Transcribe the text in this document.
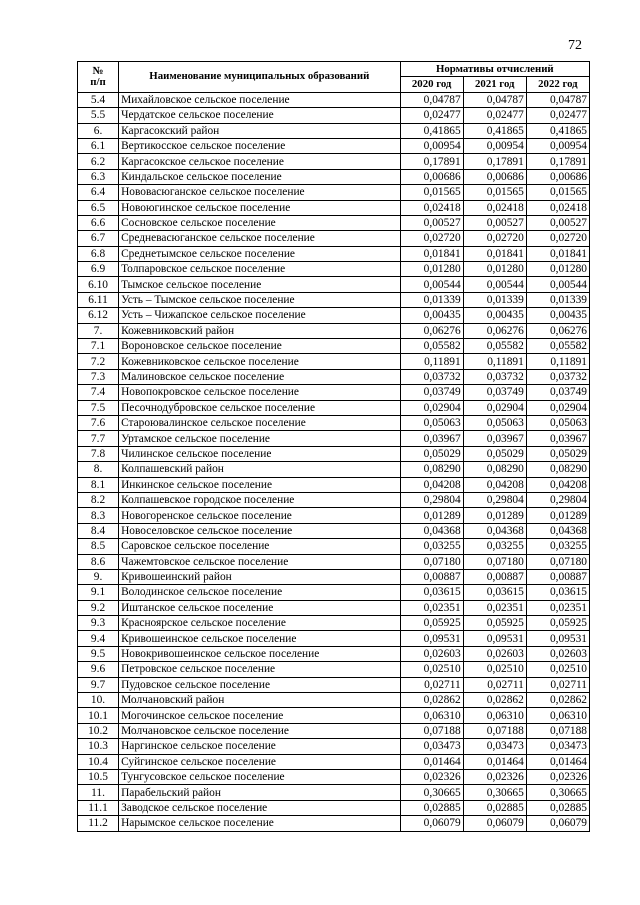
72
№
п/п	Наименование муниципальных образований	Нормативы отчислений		
		2020 год	2021 год	2022 год
5.4	Михайловское сельское поселение	0,04787	0,04787	0,04787
5.5	Чердатское сельское поселение	0,02477	0,02477	0,02477
6.	Каргасокский район	0,41865	0,41865	0,41865
6.1	Вертикосское сельское поселение	0,00954	0,00954	0,00954
6.2	Каргасокское сельское поселение	0,17891	0,17891	0,17891
6.3	Киндальское сельское поселение	0,00686	0,00686	0,00686
6.4	Нововасюганское сельское поселение	0,01565	0,01565	0,01565
6.5	Новоюгинское сельское поселение	0,02418	0,02418	0,02418
6.6	Сосновское сельское поселение	0,00527	0,00527	0,00527
6.7	Средневасюганское сельское поселение	0,02720	0,02720	0,02720
6.8	Среднетымское сельское поселение	0,01841	0,01841	0,01841
6.9	Толпаровское сельское поселение	0,01280	0,01280	0,01280
6.10	Тымское сельское поселение	0,00544	0,00544	0,00544
6.11	Усть – Тымское сельское поселение	0,01339	0,01339	0,01339
6.12	Усть – Чижапское сельское поселение	0,00435	0,00435	0,00435
7.	Кожевниковский район	0,06276	0,06276	0,06276
7.1	Вороновское сельское поселение	0,05582	0,05582	0,05582
7.2	Кожевниковское сельское поселение	0,11891	0,11891	0,11891
7.3	Малиновское сельское поселение	0,03732	0,03732	0,03732
7.4	Новопокровское сельское поселение	0,03749	0,03749	0,03749
7.5	Песочнодубровское сельское поселение	0,02904	0,02904	0,02904
7.6	Староювалинское сельское поселение	0,05063	0,05063	0,05063
7.7	Уртамское сельское поселение	0,03967	0,03967	0,03967
7.8	Чилинское сельское поселение	0,05029	0,05029	0,05029
8.	Колпашевский район	0,08290	0,08290	0,08290
8.1	Инкинское сельское поселение	0,04208	0,04208	0,04208
8.2	Колпашевское городское поселение	0,29804	0,29804	0,29804
8.3	Новогоренское сельское поселение	0,01289	0,01289	0,01289
8.4	Новоселовское сельское поселение	0,04368	0,04368	0,04368
8.5	Саровское сельское поселение	0,03255	0,03255	0,03255
8.6	Чажемтовское сельское поселение	0,07180	0,07180	0,07180
9.	Кривошеинский район	0,00887	0,00887	0,00887
9.1	Володинское сельское поселение	0,03615	0,03615	0,03615
9.2	Иштанское сельское поселение	0,02351	0,02351	0,02351
9.3	Красноярское сельское поселение	0,05925	0,05925	0,05925
9.4	Кривошеинское сельское поселение	0,09531	0,09531	0,09531
9.5	Новокривошеинское сельское поселение	0,02603	0,02603	0,02603
9.6	Петровское сельское поселение	0,02510	0,02510	0,02510
9.7	Пудовское сельское поселение	0,02711	0,02711	0,02711
10.	Молчановский район	0,02862	0,02862	0,02862
10.1	Могочинское сельское поселение	0,06310	0,06310	0,06310
10.2	Молчановское сельское поселение	0,07188	0,07188	0,07188
10.3	Наргинское сельское поселение	0,03473	0,03473	0,03473
10.4	Суйгинское сельское поселение	0,01464	0,01464	0,01464
10.5	Тунгусовское сельское поселение	0,02326	0,02326	0,02326
11.	Парабельский район	0,30665	0,30665	0,30665
11.1	Заводское сельское поселение	0,02885	0,02885	0,02885
11.2	Нарымское сельское поселение	0,06079	0,06079	0,06079
